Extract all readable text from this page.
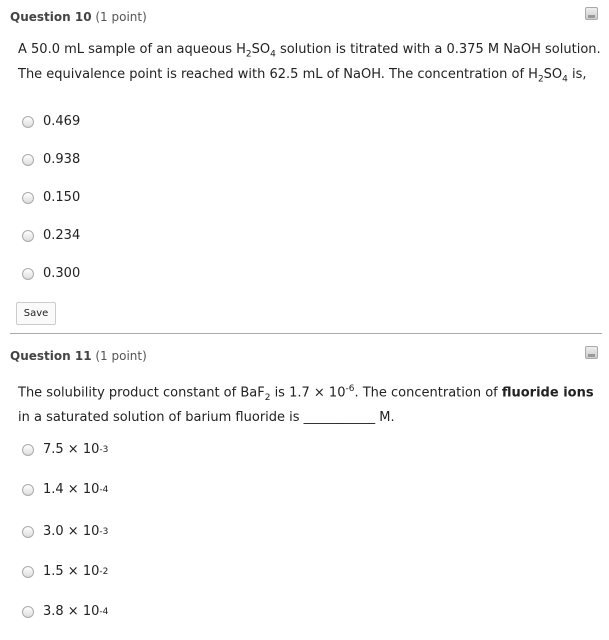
Question 10 (1 point)
A 50.0 mL sample of an aqueous $H_2SO_4$ solution is titrated with a 0.375 M NaOH solution. The equivalence point is reached with 62.5 mL of NaOH. The concentration of $H_2SO_4$ is,
0.469
0.938
0.150
0.234
0.300
Save
Question 11 (1 point)
The solubility product constant of BaF$_2$ is $1.7 \times 10^{-6}$. The concentration of fluoride ions in a saturated solution of barium fluoride is ___________ M.
7.5 × 10 -3
1.4 × 10 -4
3.0 × 10 -3
1.5 × 10 -2
3.8 × 10 -4
